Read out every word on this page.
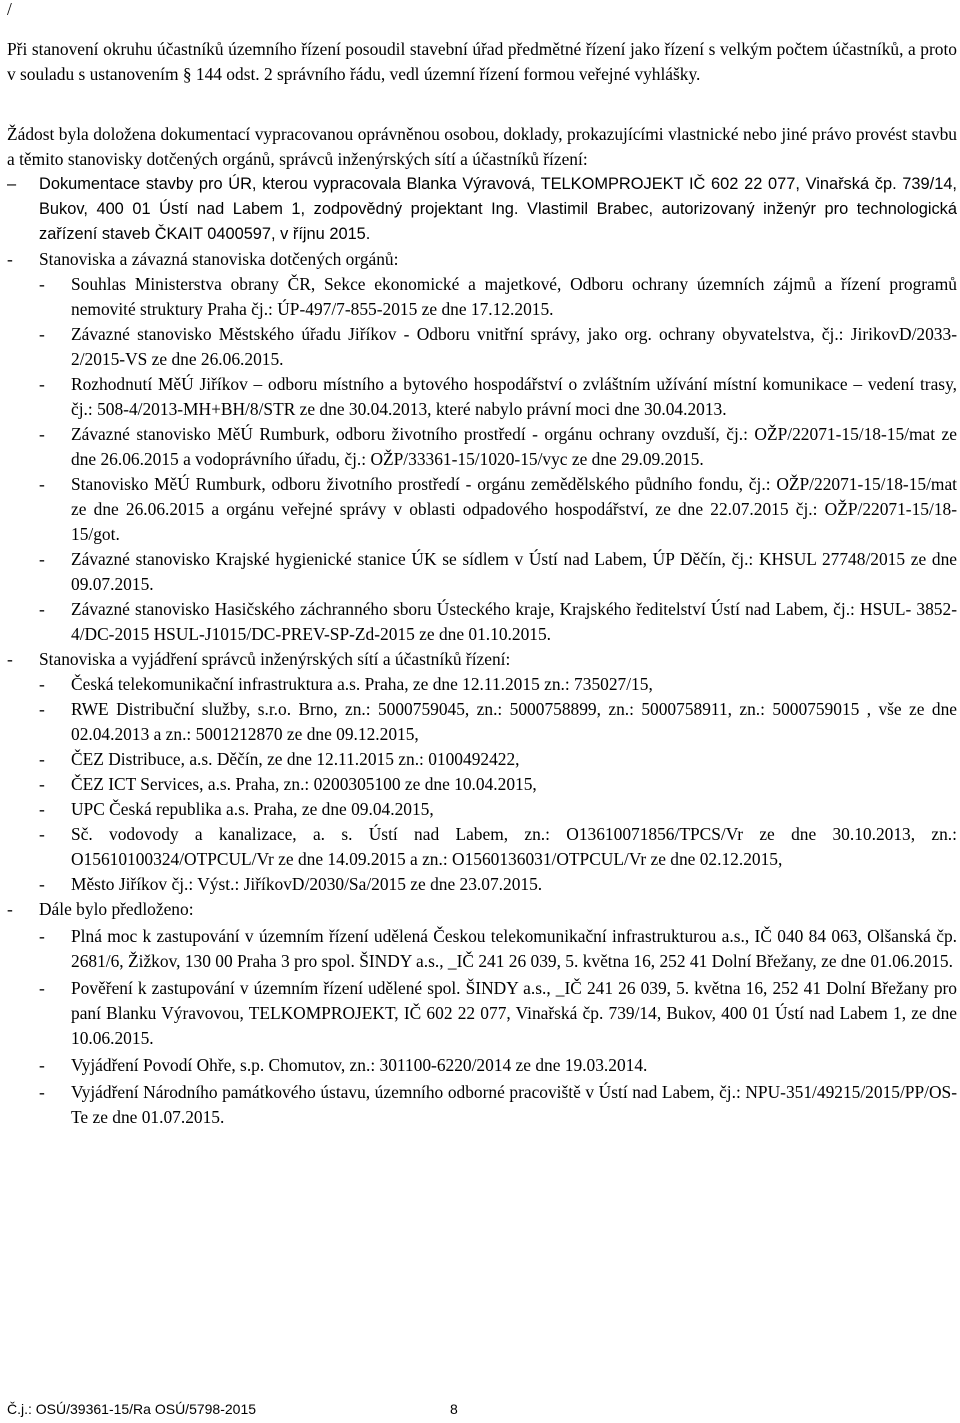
/

Při stanovení okruhu účastníků územního řízení posoudil stavební úřad předmětné řízení jako řízení s velkým počtem účastníků, a proto v souladu s ustanovením § 144 odst. 2 správního řádu, vedl územní řízení formou veřejné vyhlášky.

Žádost byla doložena dokumentací vypracovanou oprávněnou osobou, doklady, prokazujícími vlastnické nebo jiné právo provést stavbu a těmito stanovisky dotčených orgánů, správců inženýrských sítí a účastníků řízení:

–	Dokumentace stavby pro ÚR, kterou vypracovala Blanka Výravová, TELKOMPROJEKT IČ 602 22 077, Vinařská čp. 739/14, Bukov, 400 01 Ústí nad Labem 1, zodpovědný projektant Ing. Vlastimil Brabec, autorizovaný inženýr pro technologická zařízení staveb ČKAIT 0400597, v říjnu 2015.
-	Stanoviska a závazná stanoviska dotčených orgánů:
-	Souhlas Ministerstva obrany ČR, Sekce ekonomické a majetkové, Odboru ochrany územních zájmů a řízení programů nemovité struktury Praha čj.: ÚP-497/7-855-2015 ze dne 17.12.2015.
-	Závazné stanovisko Městského úřadu Jiříkov - Odboru vnitřní správy, jako org. ochrany obyvatelstva, čj.: JirikovD/2033-2/2015-VS ze dne 26.06.2015.
-	Rozhodnutí MěÚ Jiříkov – odboru místního a bytového hospodářství o zvláštním užívání místní komunikace – vedení trasy, čj.: 508-4/2013-MH+BH/8/STR ze dne 30.04.2013, které nabylo právní moci dne 30.04.2013.
-	Závazné stanovisko MěÚ Rumburk, odboru životního prostředí - orgánu ochrany ovzduší, čj.: OŽP/22071-15/18-15/mat ze dne 26.06.2015 a vodoprávního úřadu, čj.: OŽP/33361-15/1020-15/vyc ze dne 29.09.2015.
-	Stanovisko MěÚ Rumburk, odboru životního prostředí - orgánu zemědělského půdního fondu, čj.: OŽP/22071-15/18-15/mat ze dne 26.06.2015 a orgánu veřejné správy v oblasti odpadového hospodářství, ze dne 22.07.2015 čj.: OŽP/22071-15/18-15/got.
-	Závazné stanovisko Krajské hygienické stanice ÚK se sídlem v Ústí nad Labem, ÚP Děčín, čj.: KHSUL 27748/2015 ze dne 09.07.2015.
-	Závazné stanovisko Hasičského záchranného sboru Ústeckého kraje, Krajského ředitelství Ústí nad Labem, čj.: HSUL- 3852-4/DC-2015 HSUL-J1015/DC-PREV-SP-Zd-2015 ze dne 01.10.2015.
-	Stanoviska a vyjádření správců inženýrských sítí a účastníků řízení:
-	Česká telekomunikační infrastruktura a.s. Praha, ze dne 12.11.2015 zn.: 735027/15,
-	RWE Distribuční služby, s.r.o. Brno, zn.: 5000759045, zn.: 5000758899, zn.: 5000758911, zn.: 5000759015 , vše ze dne 02.04.2013 a zn.: 5001212870 ze dne 09.12.2015,
-	ČEZ Distribuce, a.s. Děčín, ze dne 12.11.2015 zn.: 0100492422,
-	ČEZ ICT Services, a.s. Praha, zn.: 0200305100 ze dne 10.04.2015,
-	UPC Česká republika a.s. Praha, ze dne 09.04.2015,
-	Sč. vodovody a kanalizace, a. s. Ústí nad Labem, zn.: O13610071856/TPCS/Vr ze dne 30.10.2013, zn.: O15610100324/OTPCUL/Vr ze dne 14.09.2015 a zn.: O1560136031/OTPCUL/Vr ze dne 02.12.2015,
-	Město Jiříkov čj.: Výst.: JiříkovD/2030/Sa/2015 ze dne 23.07.2015.
-	Dále bylo předloženo:
-	Plná moc k zastupování v územním řízení udělená Českou telekomunikační infrastrukturou a.s., IČ 040 84 063, Olšanská čp. 2681/6, Žižkov, 130 00 Praha 3 pro spol. ŠINDY a.s., _IČ 241 26 039, 5. května 16, 252 41 Dolní Břežany, ze dne 01.06.2015.
-	Pověření k zastupování v územním řízení udělené spol. ŠINDY a.s., _IČ 241 26 039, 5. května 16, 252 41 Dolní Břežany pro paní Blanku Výravovou, TELKOMPROJEKT, IČ 602 22 077, Vinařská čp. 739/14, Bukov, 400 01 Ústí nad Labem 1, ze dne 10.06.2015.
-	Vyjádření Povodí Ohře, s.p. Chomutov, zn.: 301100-6220/2014 ze dne 19.03.2014.
-	Vyjádření Národního památkového ústavu, územního odborné pracoviště v Ústí nad Labem, čj.: NPU-351/49215/2015/PP/OS-Te ze dne 01.07.2015.
Č.j.: OSÚ/39361-15/Ra OSÚ/5798-2015	8
